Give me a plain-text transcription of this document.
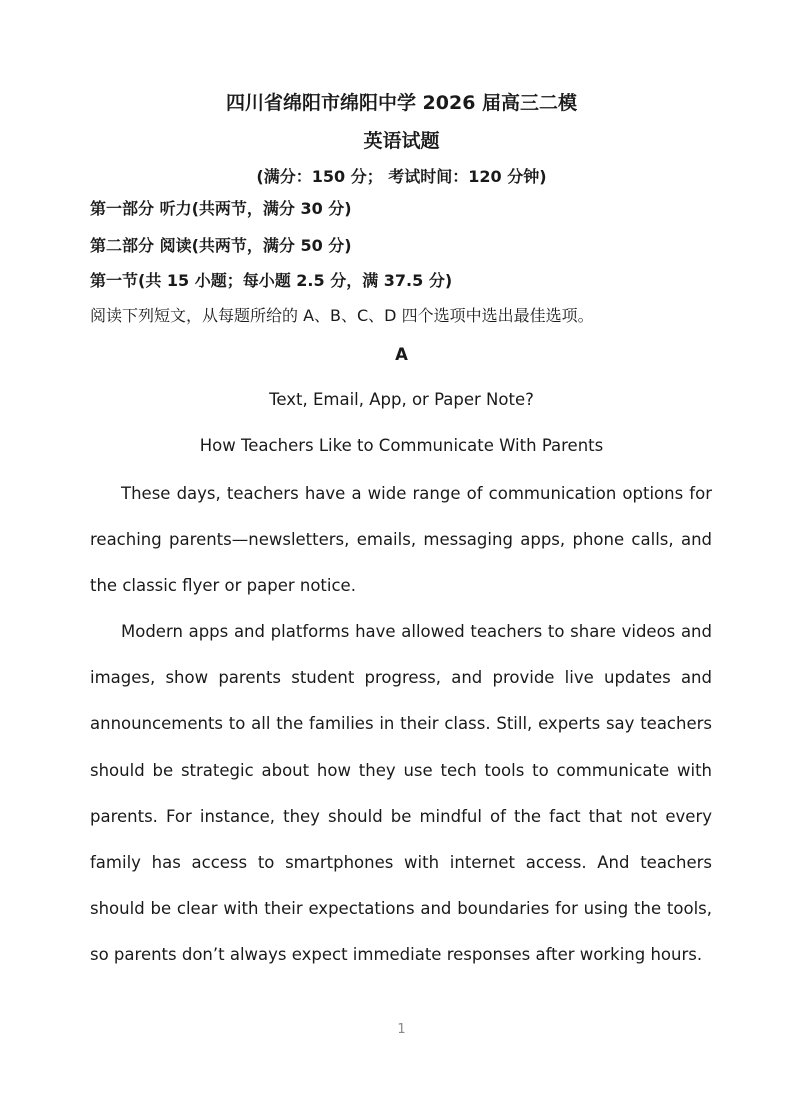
四川省绵阳市绵阳中学 2026 届高三二模
英语试题
(满分：150 分； 考试时间：120 分钟)
第一部分 听力(共两节，满分 30 分)
第二部分 阅读(共两节，满分 50 分)
第一节(共 15 小题；每小题 2.5 分，满 37.5 分)
阅读下列短文，从每题所给的 A、B、C、D 四个选项中选出最佳选项。
A
Text, Email, App, or Paper Note?
How Teachers Like to Communicate With Parents

These days, teachers have a wide range of communication options for reaching parents—newsletters, emails, messaging apps, phone calls, and the classic flyer or paper notice.

Modern apps and platforms have allowed teachers to share videos and images, show parents student progress, and provide live updates and announcements to all the families in their class. Still, experts say teachers should be strategic about how they use tech tools to communicate with parents. For instance, they should be mindful of the fact that not every family has access to smartphones with internet access. And teachers should be clear with their expectations and boundaries for using the tools, so parents don’t always expect immediate responses after working hours.

1
